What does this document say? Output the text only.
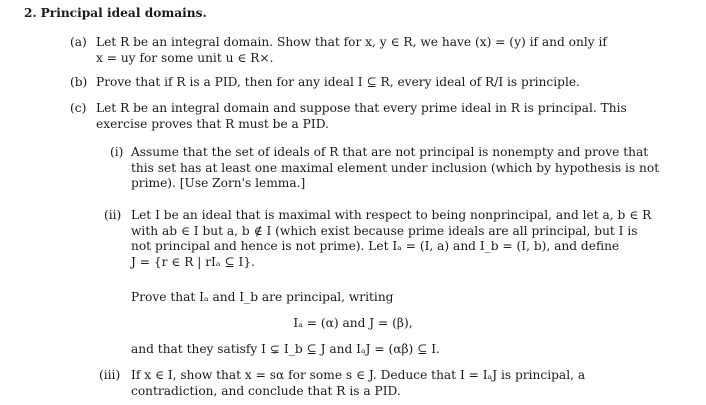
2. Principal ideal domains.
(a) Let R be an integral domain. Show that for x, y ∈ R, we have (x) = (y) if and only if
x = uy for some unit u ∈ R×.
(b) Prove that if R is a PID, then for any ideal I ⊆ R, every ideal of R/I is principle.
(c) Let R be an integral domain and suppose that every prime ideal in R is principal. This
exercise proves that R must be a PID.
(i) Assume that the set of ideals of R that are not principal is nonempty and prove that
this set has at least one maximal element under inclusion (which by hypothesis is not
prime). [Use Zorn's lemma.]
(ii) Let I be an ideal that is maximal with respect to being nonprincipal, and let a, b ∈ R
with ab ∈ I but a, b ∉ I (which exist because prime ideals are all principal, but I is
not principal and hence is not prime). Let Iₐ = (I, a) and I_b = (I, b), and define
J = {r ∈ R | rIₐ ⊆ I}.
Prove that Iₐ and I_b are principal, writing
Iₐ = (α) and J = (β),
and that they satisfy I ⊊ I_b ⊆ J and IₐJ = (αβ) ⊆ I.
(iii) If x ∈ I, show that x = sα for some s ∈ J. Deduce that I = IₐJ is principal, a
contradiction, and conclude that R is a PID.
